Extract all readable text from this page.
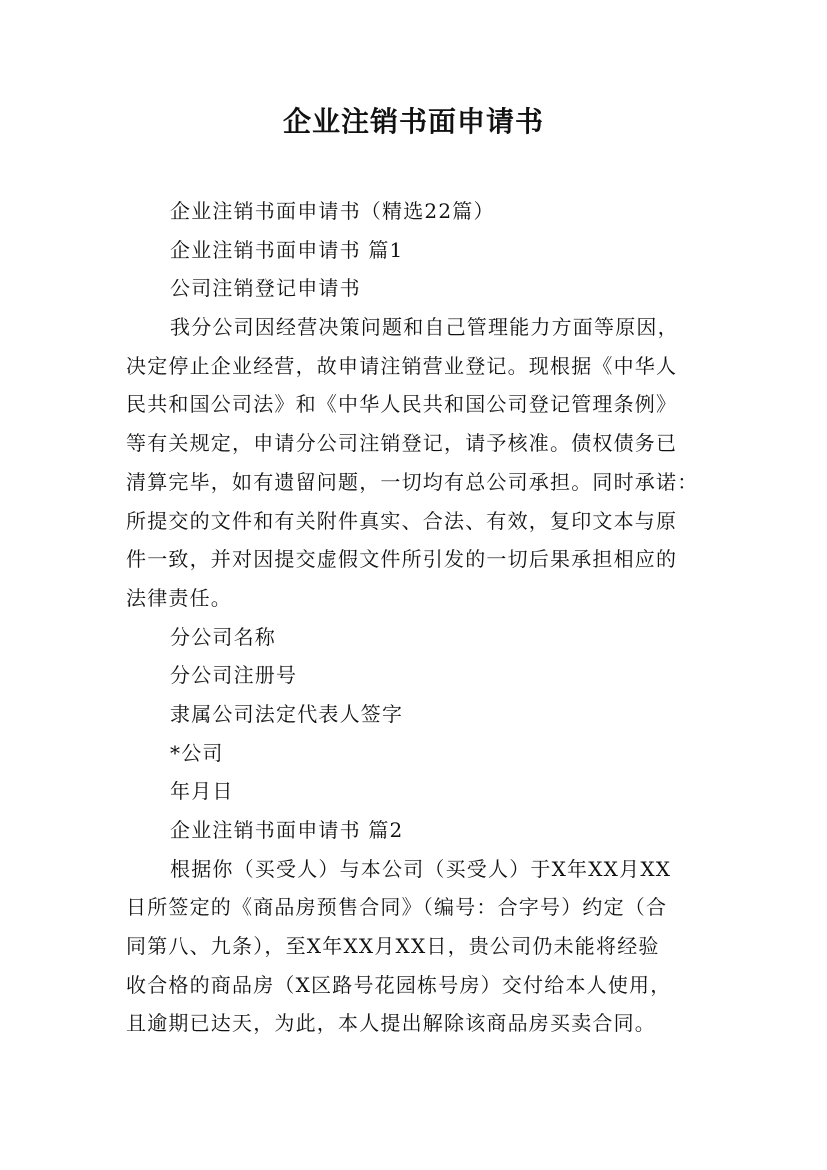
企业注销书面申请书

企业注销书面申请书（精选22篇）

企业注销书面申请书 篇1

公司注销登记申请书

我分公司因经营决策问题和自己管理能力方面等原因，

决定停止企业经营，故申请注销营业登记。现根据《中华人

民共和国公司法》和《中华人民共和国公司登记管理条例》

等有关规定，申请分公司注销登记，请予核准。债权债务已

清算完毕，如有遗留问题，一切均有总公司承担。同时承诺：

所提交的文件和有关附件真实、合法、有效，复印文本与原

件一致，并对因提交虚假文件所引发的一切后果承担相应的

法律责任。

分公司名称

分公司注册号

隶属公司法定代表人签字

*公司

年月日

企业注销书面申请书 篇2

根据你（买受人）与本公司（买受人）于X年XX月XX

日所签定的《商品房预售合同》（编号：合字号）约定（合

同第八、九条），至X年XX月XX日，贵公司仍未能将经验

收合格的商品房（X区路号花园栋号房）交付给本人使用，

且逾期已达天，为此，本人提出解除该商品房买卖合同。
